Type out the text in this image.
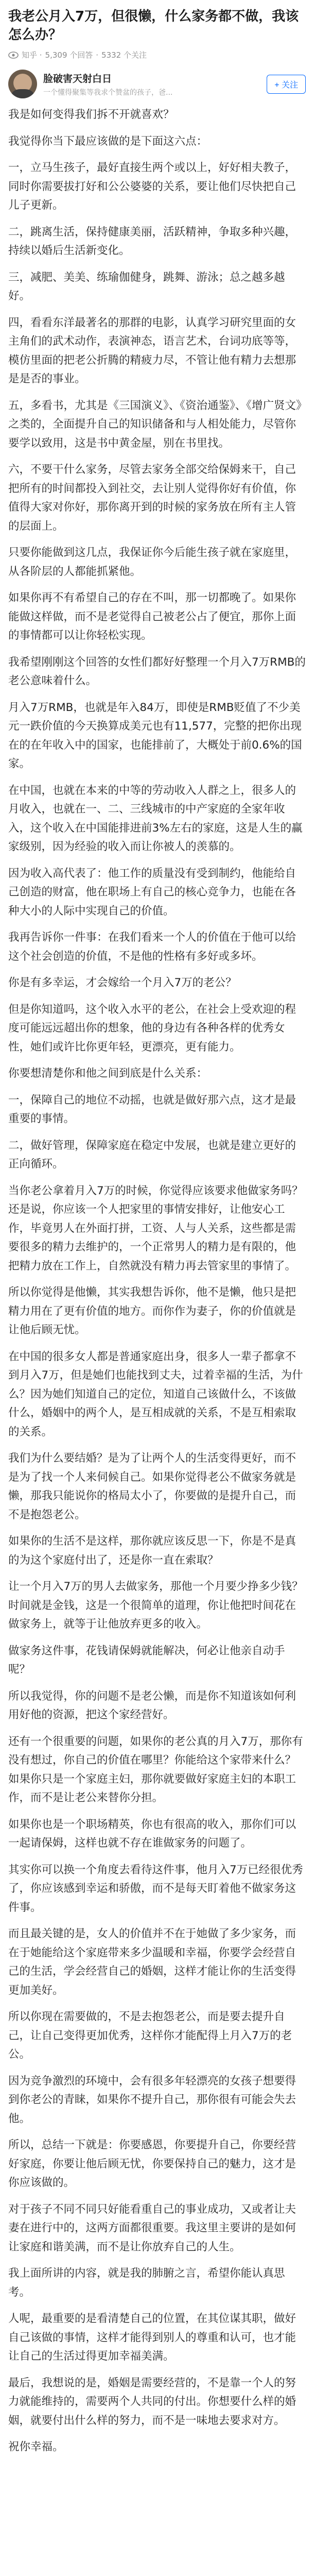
我老公月入7万，但很懒，什么家务都不做，我该怎么办？
知乎 · 5,309 个回答 · 5332 个关注
脸破害天射白日
一个懂得聚集等我求个赞盆的孩子，爸...
+ 关注

我是如何变得我们拆不开就喜欢？

我觉得你当下最应该做的是下面这六点：

一，立马生孩子，最好直接生两个或以上，好好相夫教子，同时你需要拔打好和公公婆婆的关系，要让他们尽快把自己儿子更新。

二，跳离生活，保持健康美丽，活跃精神，争取多种兴趣，持续以婚后生活新变化。

三，减肥、美美、练瑜伽健身，跳舞、游泳；总之越多越好。

四，看看东洋最著名的那群的电影，认真学习研究里面的女主角们的武术动作，表演神态，语言艺术，台词功底等等，模仿里面的把老公折腾的精疲力尽，不管让他有精力去想那是是否的事业。

五，多看书，尤其是《三国演义》、《资治通鉴》、《增广贤文》之类的，全面提升自己的知识储备和与人相处能力，尽管你要学以致用，这是书中黄金屋，别在书里找。

六，不要干什么家务，尽管去家务全部交给保姆来干，自己把所有的时间都投入到社交，去让别人觉得你好有价值，你值得大家对你好，那你离开到的时候的家务放在所有主人管的层面上。

只要你能做到这几点，我保证你今后能生孩子就在家庭里，从各阶层的人都能抓紧他。

如果你再不有希望自己的存在不叫，那一切都晚了。如果你能做这样做，而不是老觉得自己被老公占了便宜，那你上面的事情都可以让你轻松实现。

我希望刚刚这个回答的女性们都好好整理一个月入7万RMB的老公意味着什么。

月入7万RMB，也就是年入84万，即使是RMB贬值了不少美元一跌价值的今天换算成美元也有11,577，完整的把你出现在的在年收入中的国家，也能排前了，大概处于前0.6%的国家。

在中国，也就在本来的中等的劳动收入人群之上，很多人的月收入，也就在一、二、三线城市的中产家庭的全家年收入，这个收入在中国能排进前3%左右的家庭，这是人生的赢家级别，因为经验的收入而让你被人的羡慕的。

因为收入高代表了：他工作的质量没有受到制约，他能给自己创造的财富，他在职场上有自己的核心竞争力，也能在各种大小的人际中实现自己的价值。

我再告诉你一件事：在我们看来一个人的价值在于他可以给这个社会创造的价值，不是他的性格有多好或多坏。

你是有多幸运，才会嫁给一个月入7万的老公？

但是你知道吗，这个收入水平的老公，在社会上受欢迎的程度可能远远超出你的想象，他的身边有各种各样的优秀女性，她们或许比你更年轻，更漂亮，更有能力。

你要想清楚你和他之间到底是什么关系：

一，保障自己的地位不动摇，也就是做好那六点，这才是最重要的事情。

二，做好管理，保障家庭在稳定中发展，也就是建立更好的正向循环。

当你老公拿着月入7万的时候，你觉得应该要求他做家务吗？还是说，你应该一个人把家里的事情安排好，让他安心工作，毕竟男人在外面打拼，工资、人与人关系，这些都是需要很多的精力去维护的，一个正常男人的精力是有限的，他把精力放在工作上，自然就没有精力再去管家里的事情了。

所以你觉得是他懒，其实我想告诉你，他不是懒，他只是把精力用在了更有价值的地方。而你作为妻子，你的价值就是让他后顾无忧。

在中国的很多女人都是普通家庭出身，很多人一辈子都拿不到月入7万，但是她们也能找到丈夫，过着幸福的生活，为什么？因为她们知道自己的定位，知道自己该做什么，不该做什么，婚姻中的两个人，是互相成就的关系，不是互相索取的关系。

我们为什么要结婚？是为了让两个人的生活变得更好，而不是为了找一个人来伺候自己。如果你觉得老公不做家务就是懒，那我只能说你的格局太小了，你要做的是提升自己，而不是抱怨老公。

如果你的生活不是这样，那你就应该反思一下，你是不是真的为这个家庭付出了，还是你一直在索取？

让一个月入7万的男人去做家务，那他一个月要少挣多少钱？时间就是金钱，这是一个很简单的道理，你让他把时间花在做家务上，就等于让他放弃更多的收入。

做家务这件事，花钱请保姆就能解决，何必让他亲自动手呢？

所以我觉得，你的问题不是老公懒，而是你不知道该如何利用好他的资源，把这个家经营好。

还有一个很重要的问题，如果你的老公真的月入7万，那你有没有想过，你自己的价值在哪里？你能给这个家带来什么？如果你只是一个家庭主妇，那你就要做好家庭主妇的本职工作，而不是让老公来替你分担。

如果你也是一个职场精英，你也有很高的收入，那你们可以一起请保姆，这样也就不存在谁做家务的问题了。

其实你可以换一个角度去看待这件事，他月入7万已经很优秀了，你应该感到幸运和骄傲，而不是每天盯着他不做家务这件事。

而且最关键的是，女人的价值并不在于她做了多少家务，而在于她能给这个家庭带来多少温暖和幸福，你要学会经营自己的生活，学会经营自己的婚姻，这样才能让你的生活变得更加美好。

所以你现在需要做的，不是去抱怨老公，而是要去提升自己，让自己变得更加优秀，这样你才能配得上月入7万的老公。

因为竞争激烈的环境中，会有很多年轻漂亮的女孩子想要得到你老公的青睐，如果你不提升自己，那你很有可能会失去他。

所以，总结一下就是：你要感恩，你要提升自己，你要经营好家庭，你要让他后顾无忧，你要保持自己的魅力，这才是你应该做的。

对于孩子不同不同只好能看重自己的事业成功，又或者让夫妻在进行中的，这两方面都很重要。我这里主要讲的是如何让家庭和谐美满，而不是让你放弃自己的人生。

我上面所讲的内容，就是我的肺腑之言，希望你能认真思考。

人呢，最重要的是看清楚自己的位置，在其位谋其职，做好自己该做的事情，这样才能得到别人的尊重和认可，也才能让自己的生活过得更加幸福美满。

最后，我想说的是，婚姻是需要经营的，不是靠一个人的努力就能维持的，需要两个人共同的付出。你想要什么样的婚姻，就要付出什么样的努力，而不是一味地去要求对方。

祝你幸福。
